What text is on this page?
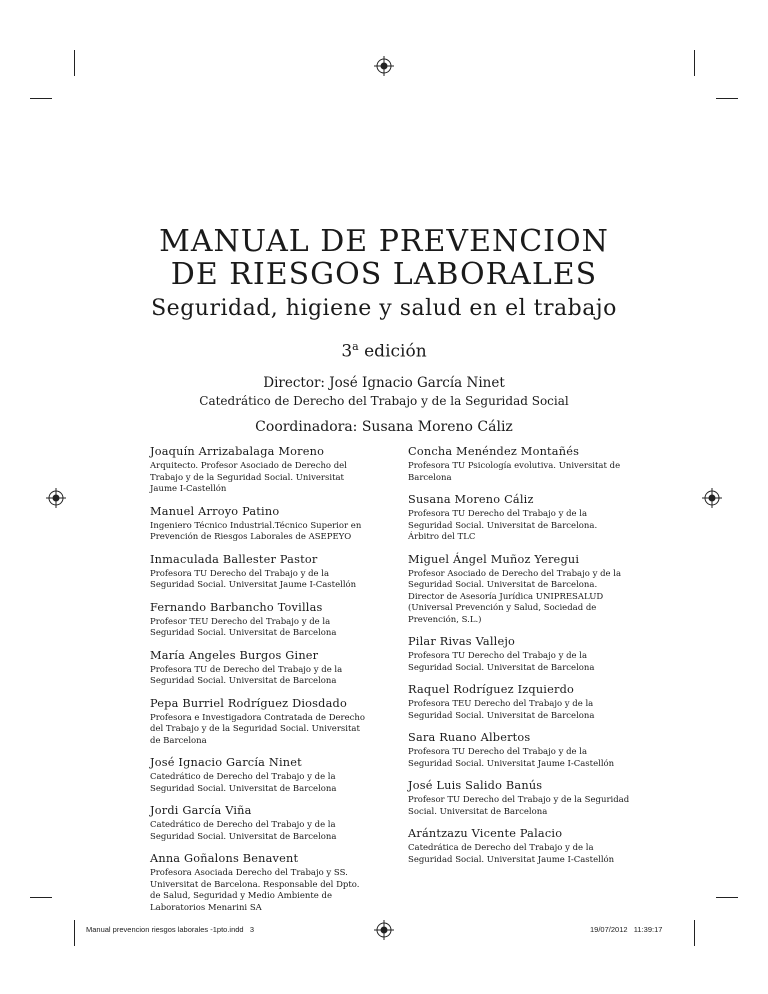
MANUAL DE PREVENCION
DE RIESGOS LABORALES
Seguridad, higiene y salud en el trabajo
3$^a$ edición
Director: José Ignacio García Ninet
Catedrático de Derecho del Trabajo y de la Seguridad Social
Coordinadora: Susana Moreno Cáliz

Joaquín Arrizabalaga Moreno

Arquitecto. Profesor Asociado de Derecho del Trabajo y de la Seguridad Social. Universitat Jaume I-Castellón

Manuel Arroyo Patino

Ingeniero Técnico Industrial.Técnico Superior en Prevención de Riesgos Laborales de ASEPEYO

Inmaculada Ballester Pastor

Profesora TU Derecho del Trabajo y de la Seguridad Social. Universitat Jaume I-Castellón

Fernando Barbancho Tovillas

Profesor TEU Derecho del Trabajo y de la Seguridad Social. Universitat de Barcelona

María Angeles Burgos Giner

Profesora TU de Derecho del Trabajo y de la Seguridad Social. Universitat de Barcelona

Pepa Burriel Rodríguez Diosdado

Profesora e Investigadora Contratada de Derecho del Trabajo y de la Seguridad Social. Universitat de Barcelona

José Ignacio García Ninet

Catedrático de Derecho del Trabajo y de la Seguridad Social. Universitat de Barcelona

Jordi García Viña

Catedrático de Derecho del Trabajo y de la Seguridad Social. Universitat de Barcelona

Anna Goñalons Benavent

Profesora Asociada Derecho del Trabajo y SS. Universitat de Barcelona. Responsable del Dpto. de Salud, Seguridad y Medio Ambiente de Laboratorios Menarini SA

Concha Menéndez Montañés

Profesora TU Psicología evolutiva. Universitat de Barcelona

Susana Moreno Cáliz

Profesora TU Derecho del Trabajo y de la Seguridad Social. Universitat de Barcelona. Árbitro del TLC

Miguel Ángel Muñoz Yeregui

Profesor Asociado de Derecho del Trabajo y de la Seguridad Social. Universitat de Barcelona. Director de Asesoría Jurídica UNIPRESALUD (Universal Prevención y Salud, Sociedad de Prevención, S.L.)

Pilar Rivas Vallejo

Profesora TU Derecho del Trabajo y de la Seguridad Social. Universitat de Barcelona

Raquel Rodríguez Izquierdo

Profesora TEU Derecho del Trabajo y de la Seguridad Social. Universitat de Barcelona

Sara Ruano Albertos

Profesora TU Derecho del Trabajo y de la Seguridad Social. Universitat Jaume I-Castellón

José Luis Salido Banús

Profesor TU Derecho del Trabajo y de la Seguridad Social. Universitat de Barcelona

Arántzazu Vicente Palacio

Catedrática de Derecho del Trabajo y de la Seguridad Social. Universitat Jaume I-Castellón

Manual prevencion riesgos laborales -1pto.indd   3	19/07/2012   11:39:17
